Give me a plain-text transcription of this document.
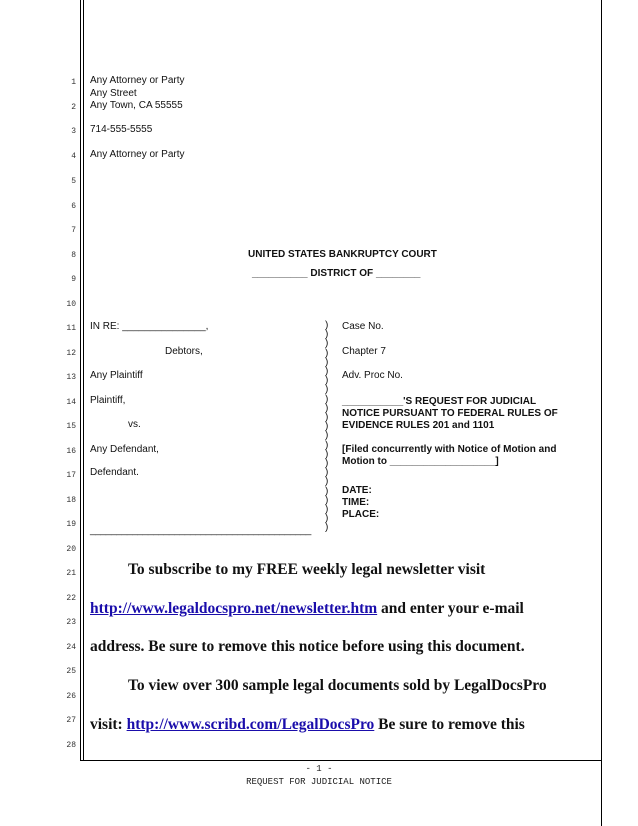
1
2
3
4
5
6
7
8
9
10
11
12
13
14
15
16
17
18
19
20
21
22
23
24
25
26
27
28
Any Attorney or Party
Any Street
Any Town, CA 55555
714-555-5555
Any Attorney or Party
UNITED STATES BANKRUPTCY COURT
__________ DISTRICT OF ________
IN RE: _______________,
Debtors,
Any Plaintiff
Plaintiff,
vs.
Any Defendant,
Defendant.
__________________________________________
)
)
)
)
)
)
)
)
)
)
)
)
)
)
)
)
)
)
)
)
)
)
)
Case No.
Chapter 7
Adv. Proc No.
___________'S REQUEST FOR JUDICIAL
NOTICE PURSUANT TO FEDERAL RULES OF
EVIDENCE RULES 201 and 1101
[Filed concurrently with Notice of Motion and
Motion to ___________________]
DATE:
TIME:
PLACE:
To subscribe to my FREE weekly legal newsletter visit
http://www.legaldocspro.net/newsletter.htm and enter your e-mail
address. Be sure to remove this notice before using this document.
To view over 300 sample legal documents sold by LegalDocsPro
visit: http://www.scribd.com/LegalDocsPro Be sure to remove this
- 1 -
REQUEST FOR JUDICIAL NOTICE
